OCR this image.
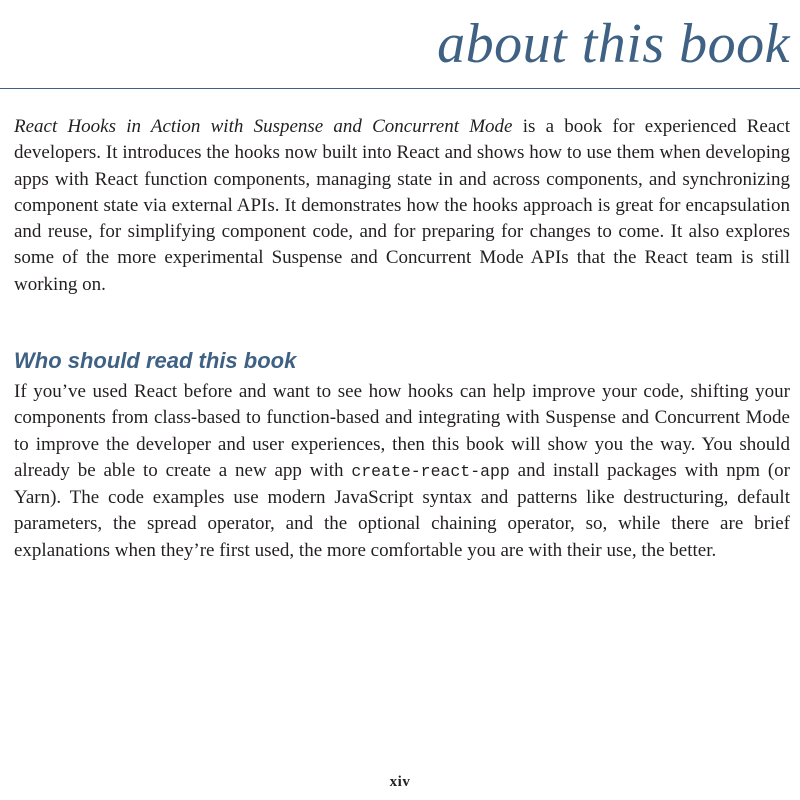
about this book

React Hooks in Action with Suspense and Concurrent Mode is a book for experienced React developers. It introduces the hooks now built into React and shows how to use them when developing apps with React function components, managing state in and across components, and synchronizing component state via external APIs. It demonstrates how the hooks approach is great for encapsulation and reuse, for simplifying component code, and for preparing for changes to come. It also explores some of the more experimental Suspense and Concurrent Mode APIs that the React team is still working on.

Who should read this book

If you’ve used React before and want to see how hooks can help improve your code, shifting your components from class-based to function-based and integrating with Suspense and Concurrent Mode to improve the developer and user experiences, then this book will show you the way. You should already be able to create a new app with create-react-app and install packages with npm (or Yarn). The code examples use modern JavaScript syntax and patterns like destructuring, default parameters, the spread operator, and the optional chaining operator, so, while there are brief explanations when they’re first used, the more comfortable you are with their use, the better.

xiv
